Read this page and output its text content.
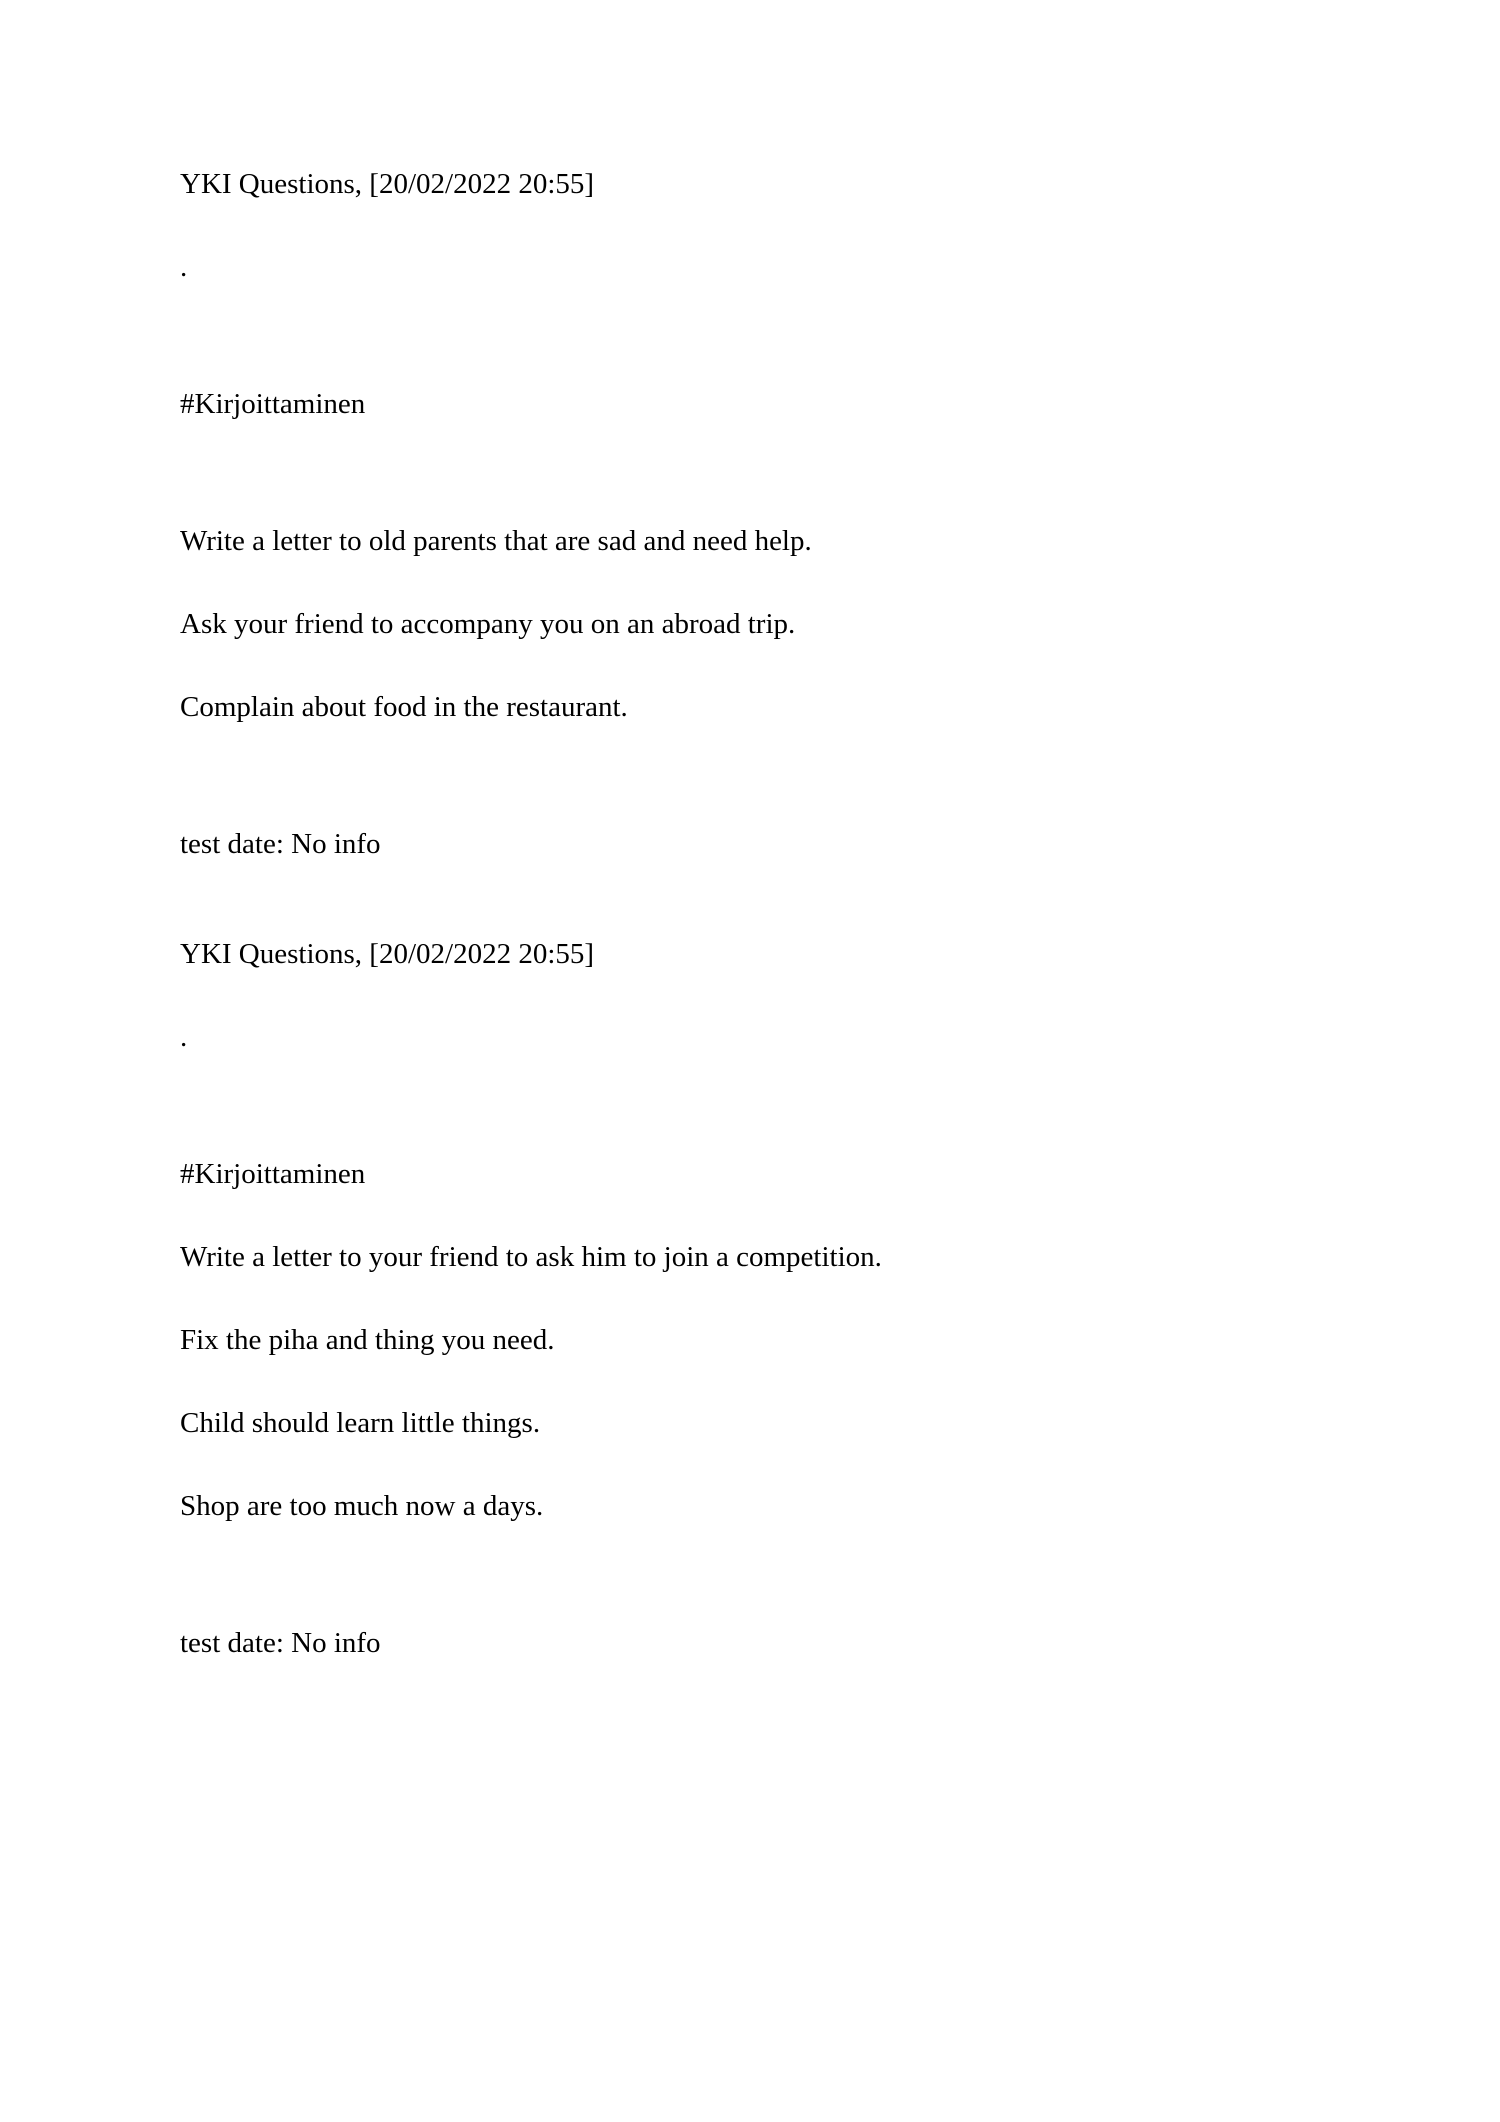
YKI Questions, [20/02/2022 20:55]

.

#Kirjoittaminen

Write a letter to old parents that are sad and need help.

Ask your friend to accompany you on an abroad trip.

Complain about food in the restaurant.

test date: No info

YKI Questions, [20/02/2022 20:55]

.

#Kirjoittaminen

Write a letter to your friend to ask him to join a competition.

Fix the piha and thing you need.

Child should learn little things.

Shop are too much now a days.

test date: No info
